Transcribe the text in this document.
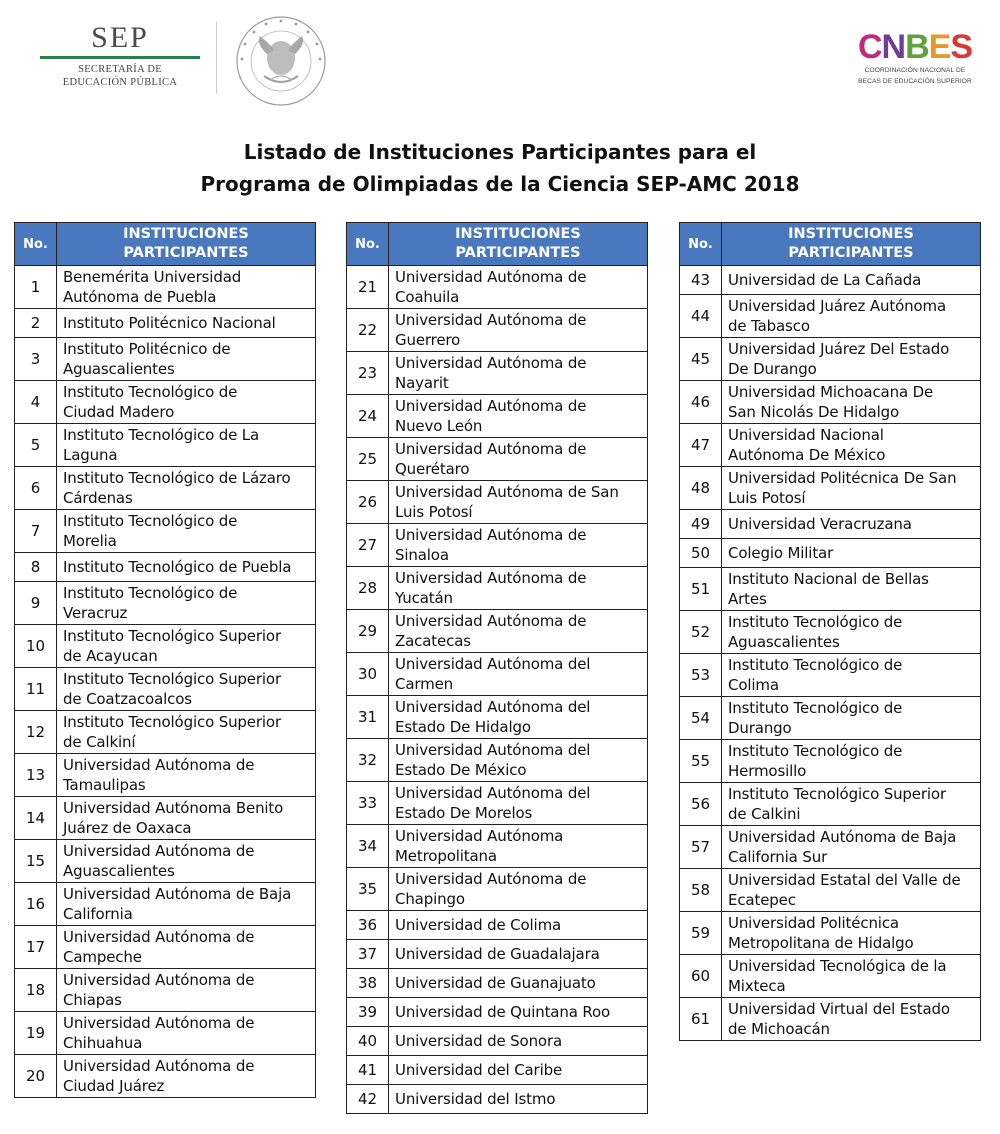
SEP
SECRETARÍA DE
EDUCACIÓN PÚBLICA
CNBES
COORDINACIÓN NACIONAL DE
BECAS DE EDUCACIÓN SUPERIOR
Listado de Instituciones Participantes para el
Programa de Olimpiadas de la Ciencia SEP-AMC 2018
No.	INSTITUCIONES
PARTICIPANTES

1	Benemérita Universidad
Autónoma de Puebla

2	Instituto Politécnico Nacional

3	Instituto Politécnico de
Aguascalientes

4	Instituto Tecnológico de
Ciudad Madero

5	Instituto Tecnológico de La
Laguna

6	Instituto Tecnológico de Lázaro
Cárdenas

7	Instituto Tecnológico de
Morelia

8	Instituto Tecnológico de Puebla

9	Instituto Tecnológico de
Veracruz

10	Instituto Tecnológico Superior
de Acayucan

11	Instituto Tecnológico Superior
de Coatzacoalcos

12	Instituto Tecnológico Superior
de Calkiní

13	Universidad Autónoma de
Tamaulipas

14	Universidad Autónoma Benito
Juárez de Oaxaca

15	Universidad Autónoma de
Aguascalientes

16	Universidad Autónoma de Baja
California

17	Universidad Autónoma de
Campeche

18	Universidad Autónoma de
Chiapas

19	Universidad Autónoma de
Chihuahua

20	Universidad Autónoma de
Ciudad Juárez
No.	INSTITUCIONES
PARTICIPANTES

21	Universidad Autónoma de
Coahuila

22	Universidad Autónoma de
Guerrero

23	Universidad Autónoma de
Nayarit

24	Universidad Autónoma de
Nuevo León

25	Universidad Autónoma de
Querétaro

26	Universidad Autónoma de San
Luis Potosí

27	Universidad Autónoma de
Sinaloa

28	Universidad Autónoma de
Yucatán

29	Universidad Autónoma de
Zacatecas

30	Universidad Autónoma del
Carmen

31	Universidad Autónoma del
Estado De Hidalgo

32	Universidad Autónoma del
Estado De México

33	Universidad Autónoma del
Estado De Morelos

34	Universidad Autónoma
Metropolitana

35	Universidad Autónoma de
Chapingo

36	Universidad de Colima

37	Universidad de Guadalajara

38	Universidad de Guanajuato

39	Universidad de Quintana Roo

40	Universidad de Sonora

41	Universidad del Caribe

42	Universidad del Istmo
No.	INSTITUCIONES
PARTICIPANTES

43	Universidad de La Cañada

44	Universidad Juárez Autónoma
de Tabasco

45	Universidad Juárez Del Estado
De Durango

46	Universidad Michoacana De
San Nicolás De Hidalgo

47	Universidad Nacional
Autónoma De México

48	Universidad Politécnica De San
Luis Potosí

49	Universidad Veracruzana

50	Colegio Militar

51	Instituto Nacional de Bellas
Artes

52	Instituto Tecnológico de
Aguascalientes

53	Instituto Tecnológico de
Colima

54	Instituto Tecnológico de
Durango

55	Instituto Tecnológico de
Hermosillo

56	Instituto Tecnológico Superior
de Calkini

57	Universidad Autónoma de Baja
California Sur

58	Universidad Estatal del Valle de
Ecatepec

59	Universidad Politécnica
Metropolitana de Hidalgo

60	Universidad Tecnológica de la
Mixteca

61	Universidad Virtual del Estado
de Michoacán
